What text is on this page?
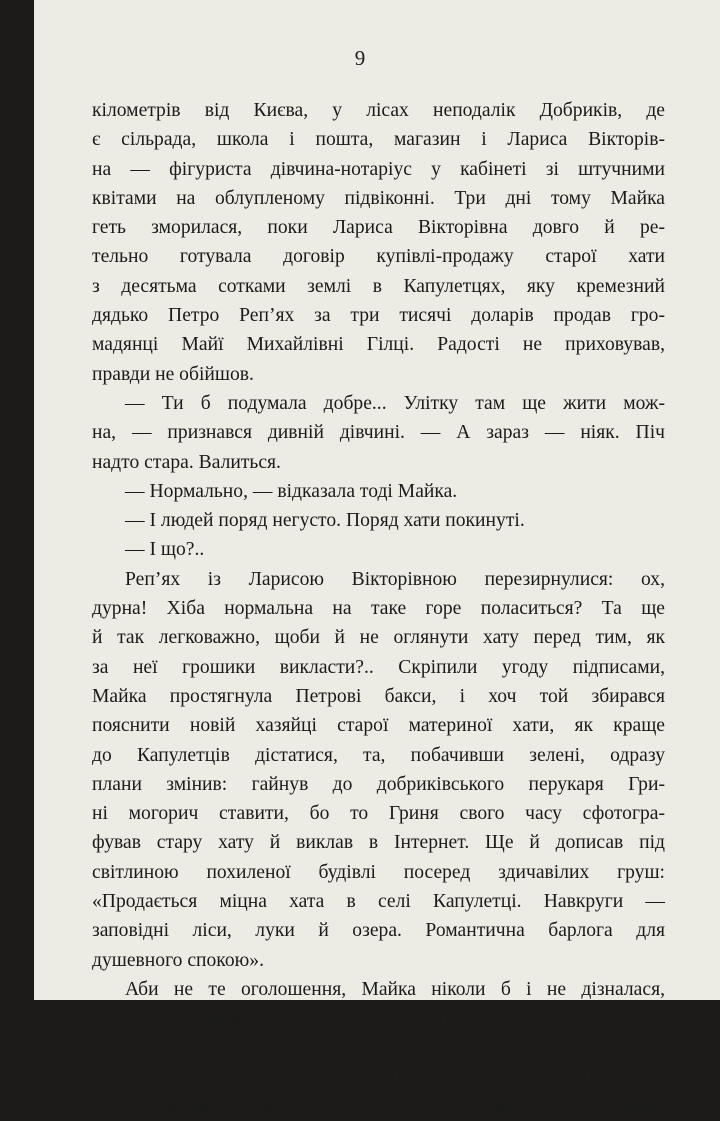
9
кілометрів від Києва, у лісах неподалік Добриків, де
є сільрада, школа і пошта, магазин і Лариса Вікторів-
на — фігуриста дівчина-нотаріус у кабінеті зі штучними
квітами на облупленому підвіконні. Три дні тому Майка
геть зморилася, поки Лариса Вікторівна довго й ре-
тельно готувала договір купівлі-продажу старої хати
з десятьма сотками землі в Капулетцях, яку кремезний
дядько Петро Реп’ях за три тисячі доларів продав гро-
мадянці Майї Михайлівні Гілці. Радості не приховував,
правди не обійшов.
— Ти б подумала добре... Улітку там ще жити мож-
на, — признався дивній дівчині. — А зараз — ніяк. Піч
надто стара. Валиться.
— Нормально, — відказала тоді Майка.
— І людей поряд негусто. Поряд хати покинуті.
— І що?..
Реп’ях із Ларисою Вікторівною перезирнулися: ох,
дурна! Хіба нормальна на таке горе поласиться? Та ще
й так легковажно, щоби й не оглянути хату перед тим, як
за неї грошики викласти?.. Скріпили угоду підписами,
Майка простягнула Петрові бакси, і хоч той збирався
пояснити новій хазяйці старої материної хати, як краще
до Капулетців дістатися, та, побачивши зелені, одразу
плани змінив: гайнув до добриківського перукаря Гри-
ні могорич ставити, бо то Гриня свого часу сфотогра-
фував стару хату й виклав в Інтернет. Ще й дописав під
світлиною похиленої будівлі посеред здичавілих груш:
«Продається міцна хата в селі Капулетці. Навкруги —
заповідні ліси, луки й озера. Романтична барлога для
душевного спокою».
Аби не те оголошення, Майка ніколи б і не дізналася,
що є на білому світі Капулетці. Прикипіла до розкладно-
го крісла в чужій київській квартирі, линдала всесвітнім
павутинням — де сховатися? Добре б на Гоа... Не тому,
що в прагненні до простого життя далекі місцини давно
